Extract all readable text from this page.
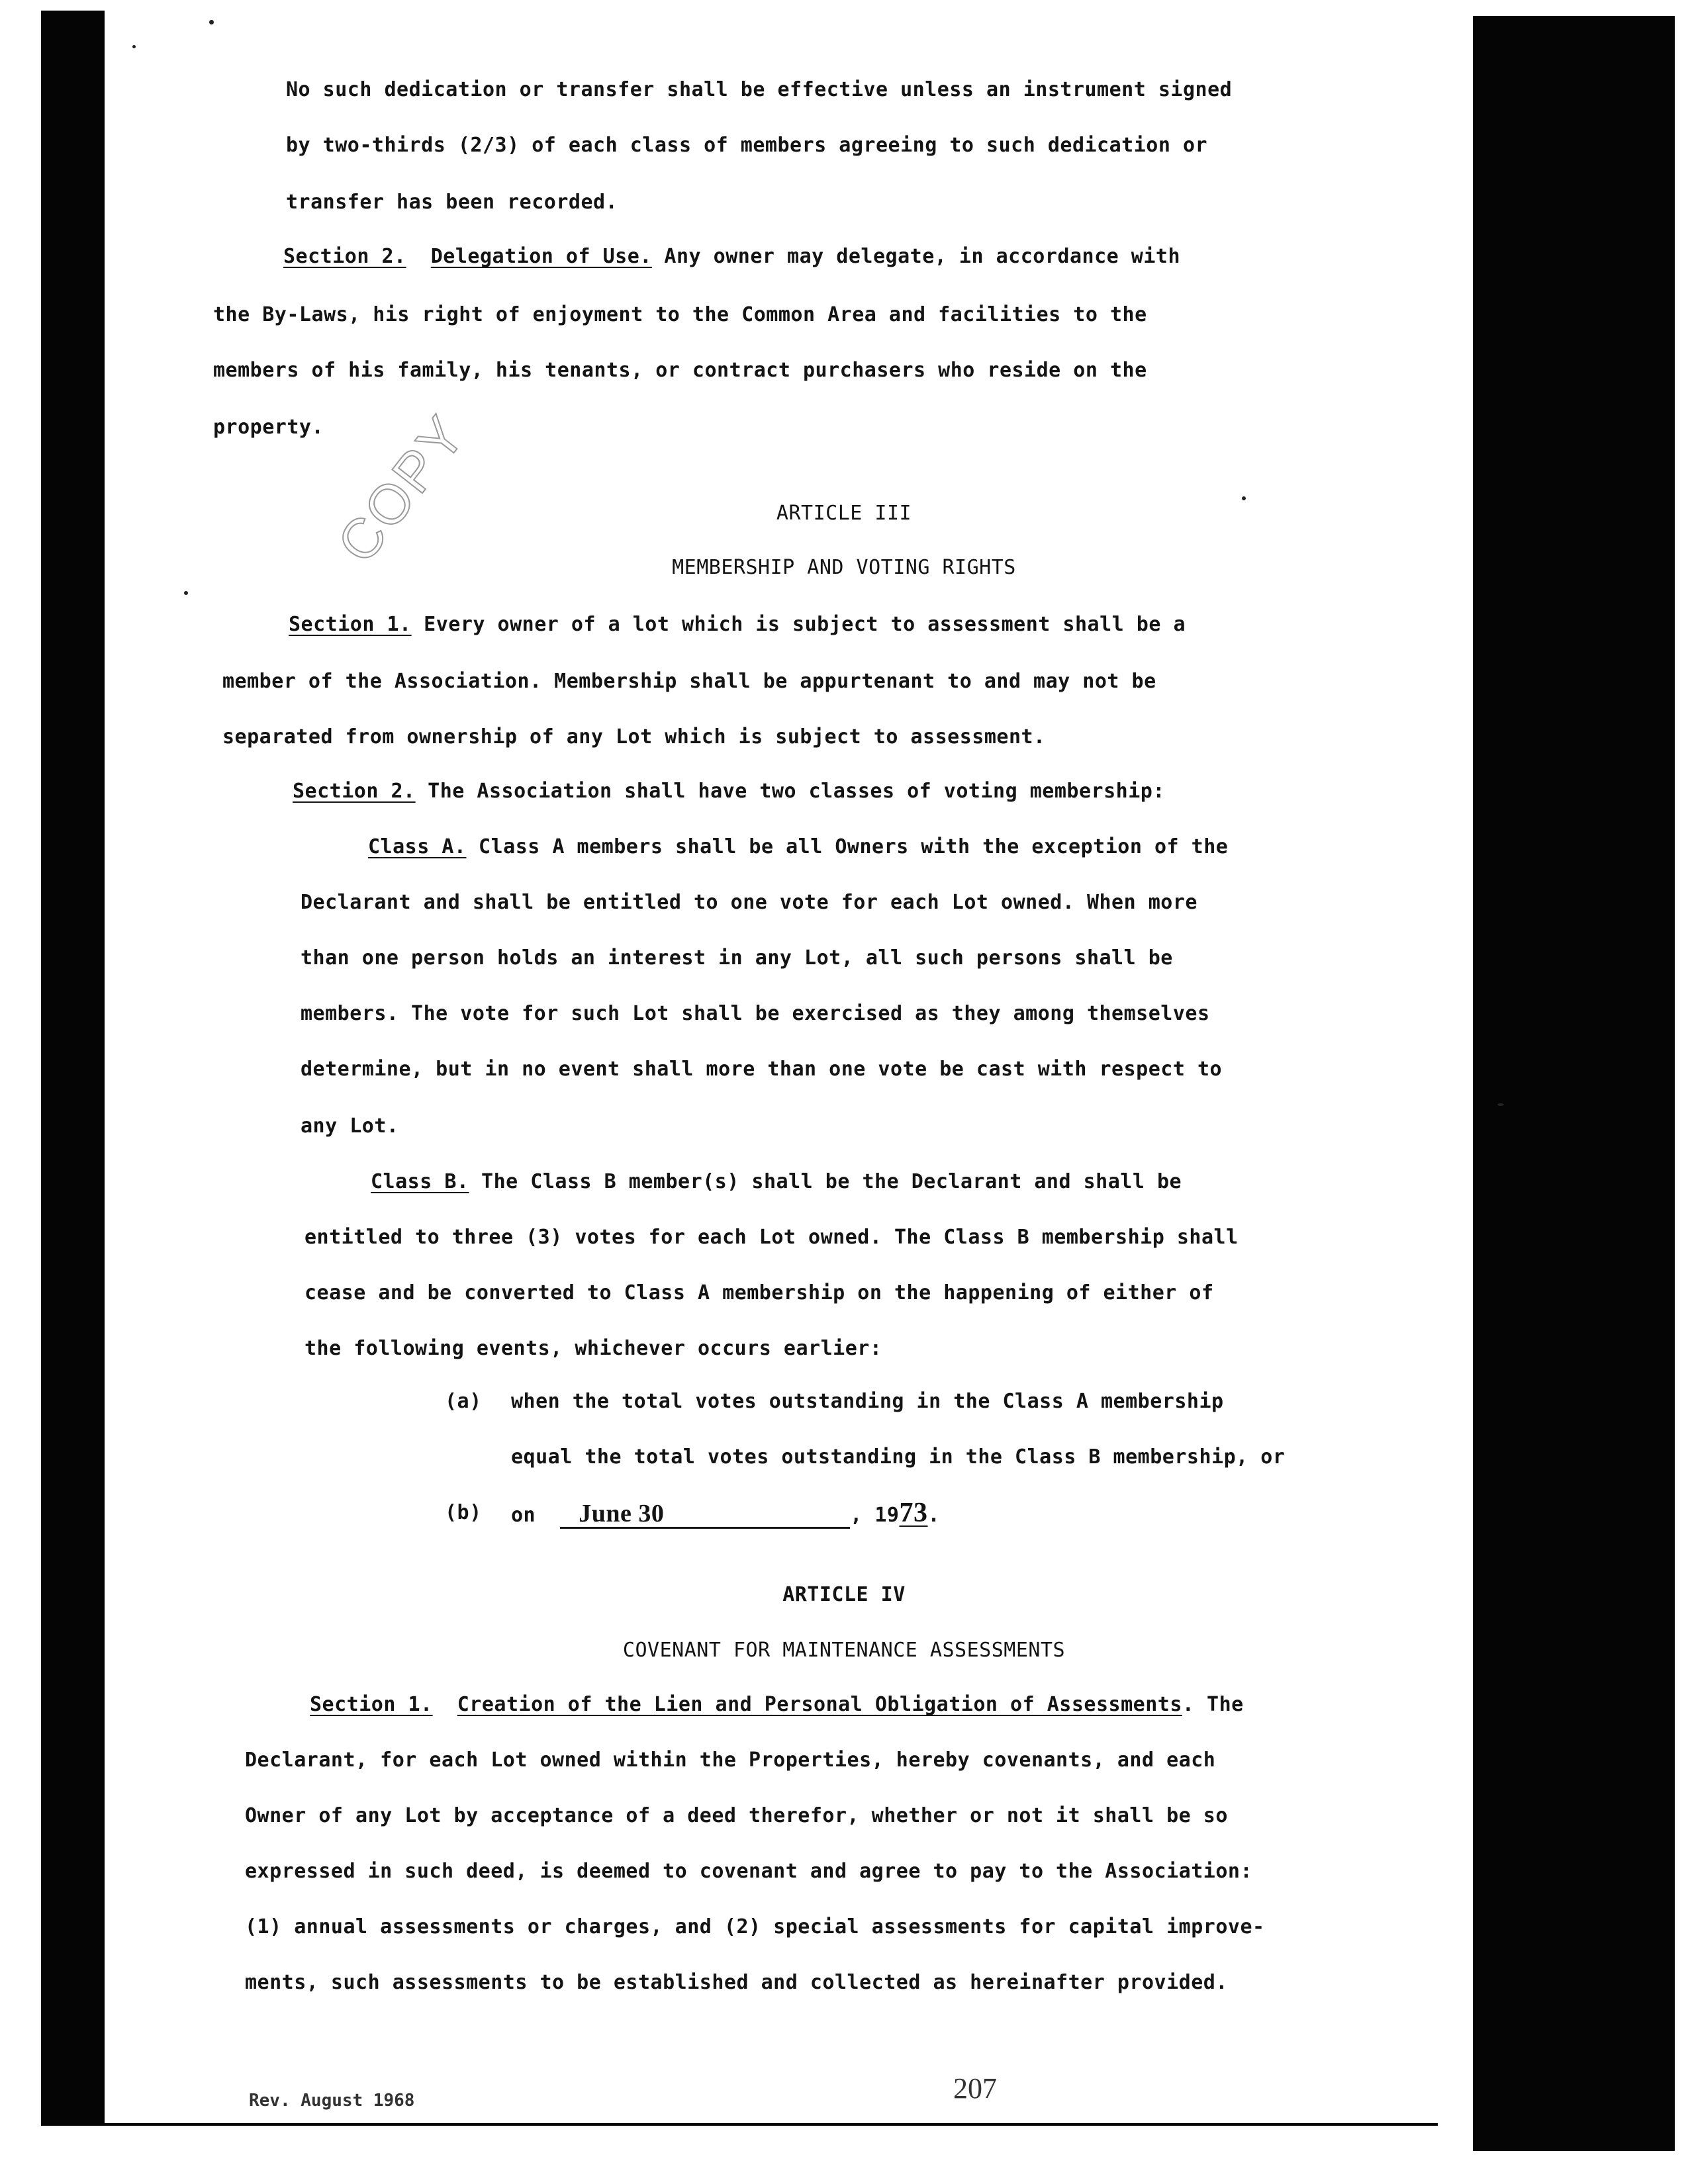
COPY
No such dedication or transfer shall be effective unless an instrument signed
by two-thirds (2/3) of each class of members agreeing to such dedication or
transfer has been recorded.
Section 2. Delegation of Use. Any owner may delegate, in accordance with
the By-Laws, his right of enjoyment to the Common Area and facilities to the
members of his family, his tenants, or contract purchasers who reside on the
property.
ARTICLE III
MEMBERSHIP AND VOTING RIGHTS
Section 1. Every owner of a lot which is subject to assessment shall be a
member of the Association. Membership shall be appurtenant to and may not be
separated from ownership of any Lot which is subject to assessment.
Section 2. The Association shall have two classes of voting membership:
Class A. Class A members shall be all Owners with the exception of the
Declarant and shall be entitled to one vote for each Lot owned. When more
than one person holds an interest in any Lot, all such persons shall be
members. The vote for such Lot shall be exercised as they among themselves
determine, but in no event shall more than one vote be cast with respect to
any Lot.
Class B. The Class B member(s) shall be the Declarant and shall be
entitled to three (3) votes for each Lot owned. The Class B membership shall
cease and be converted to Class A membership on the happening of either of
the following events, whichever occurs earlier:
(a) when the total votes outstanding in the Class A membership
equal the total votes outstanding in the Class B membership, or
(b) on June 30	, 1973.
ARTICLE IV
COVENANT FOR MAINTENANCE ASSESSMENTS
Section 1. Creation of the Lien and Personal Obligation of Assessments. The
Declarant, for each Lot owned within the Properties, hereby covenants, and each
Owner of any Lot by acceptance of a deed therefor, whether or not it shall be so
expressed in such deed, is deemed to covenant and agree to pay to the Association:
(1) annual assessments or charges, and (2) special assessments for capital improve-
ments, such assessments to be established and collected as hereinafter provided.
Rev. August 1968	207
